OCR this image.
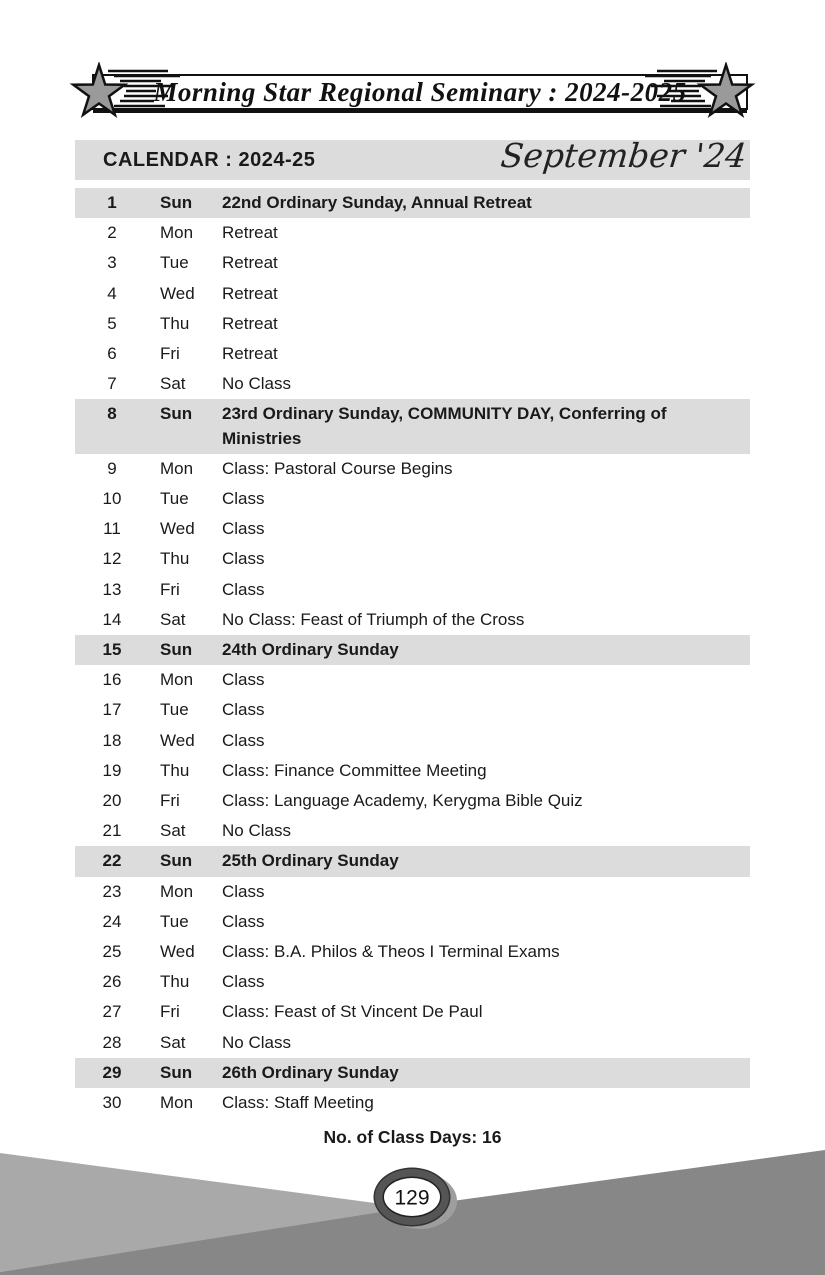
Morning Star Regional Seminary : 2024-2025
CALENDAR : 2024-25	September '24
1	Sun	22nd Ordinary Sunday, Annual Retreat
2	Mon	Retreat
3	Tue	Retreat
4	Wed	Retreat
5	Thu	Retreat
6	Fri	Retreat
7	Sat	No Class
8	Sun	23rd Ordinary Sunday, COMMUNITY DAY, Conferring of Ministries
9	Mon	Class: Pastoral Course Begins
10	Tue	Class
11	Wed	Class
12	Thu	Class
13	Fri	Class
14	Sat	No Class: Feast of Triumph of the Cross
15	Sun	24th Ordinary Sunday
16	Mon	Class
17	Tue	Class
18	Wed	Class
19	Thu	Class: Finance Committee Meeting
20	Fri	Class: Language Academy, Kerygma Bible Quiz
21	Sat	No Class
22	Sun	25th Ordinary Sunday
23	Mon	Class
24	Tue	Class
25	Wed	Class: B.A. Philos & Theos I Terminal Exams
26	Thu	Class
27	Fri	Class: Feast of St Vincent De Paul
28	Sat	No Class
29	Sun	26th Ordinary Sunday
30	Mon	Class: Staff Meeting
No. of Class Days: 16
129
